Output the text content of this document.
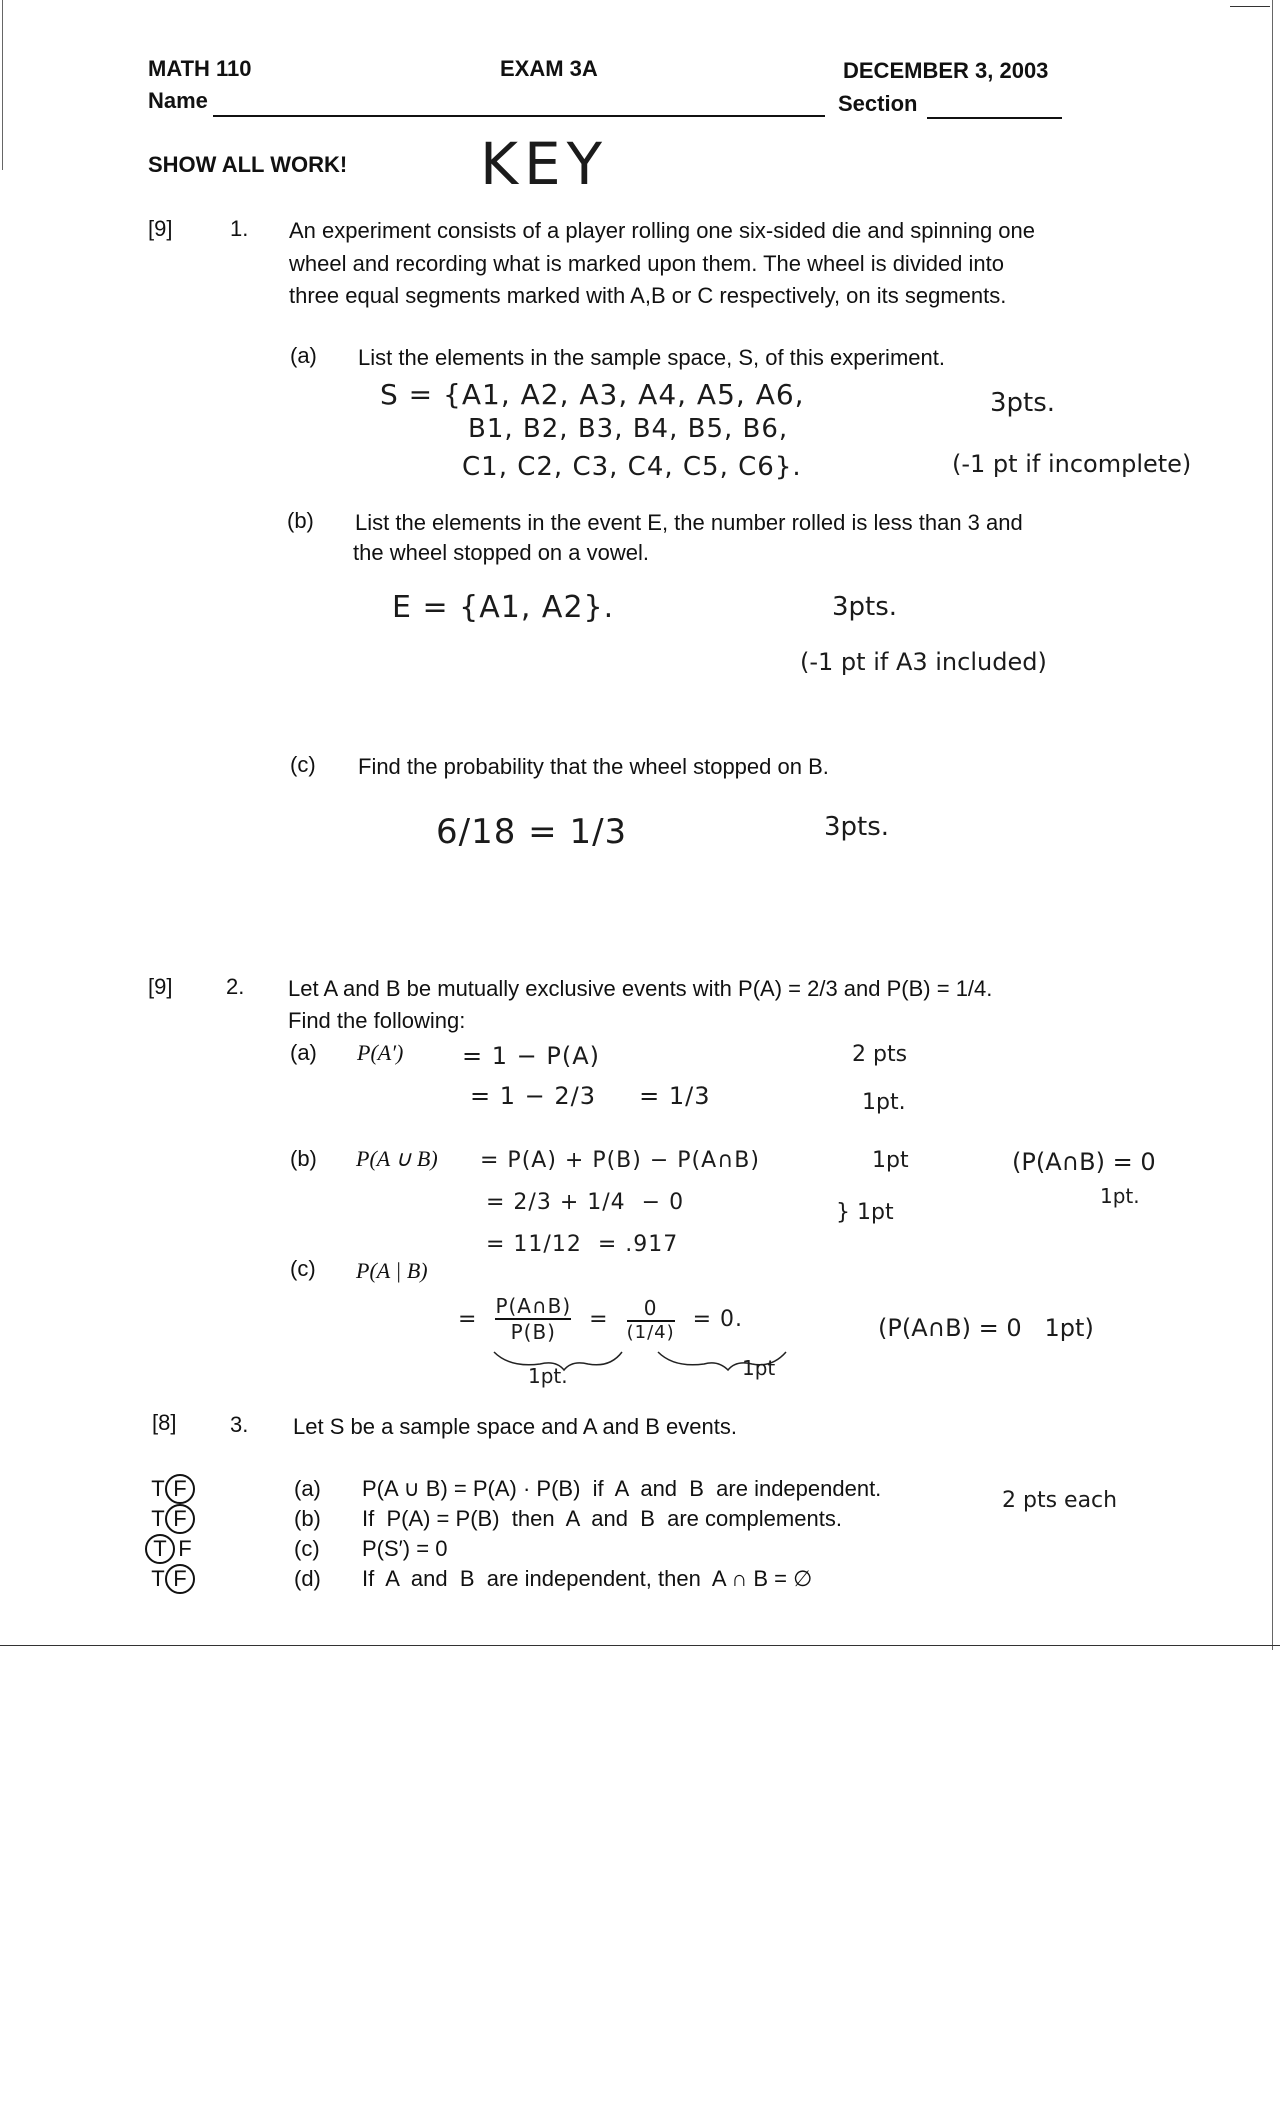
MATH 110	EXAM 3A	DECEMBER 3, 2003
Name	Section
SHOW ALL WORK! KEY
[9]	1. An experiment consists of a player rolling one six-sided die and spinning one
wheel and recording what is marked upon them. The wheel is divided into
three equal segments marked with A,B or C respectively, on its segments.
(a) List the elements in the sample space, S, of this experiment.
S = {A1, A2, A3, A4, A5, A6,
B1, B2, B3, B4, B5, B6,
C1, C2, C3, C4, C5, C6}.
3pts.
(-1 pt if incomplete)
(b) List the elements in the event E, the number rolled is less than 3 and
the wheel stopped on a vowel.
E = {A1, A2}.	3pts.
(-1 pt if A3 included)
(c) Find the probability that the wheel stopped on B.
6/18 = 1/3	3pts.
[9] 2. Let A and B be mutually exclusive events with P(A) = 2/3 and P(B) = 1/4.
Find the following:
(a) P(A′) = 1 − P(A)
= 1 − 2/3     = 1/3
2 pts
1pt.
(b) P(A ∪ B) = P(A) + P(B) − P(A∩B)
= 2/3 + 1/4  − 0
= 11/12  = .917
1pt
} 1pt
(P(A∩B) = 0
1pt.
(c) P(A | B)
=
P(A∩B)
P(B)
= 0
(1/4)
= 0.
1pt.	1pt
(P(A∩B) = 0   1pt)
[8] 3. Let S be a sample space and A and B events.
2 pts each
T F	(a) P(A ∪ B) = P(A) · P(B)  if  A  and  B  are independent.
T F	(b) If  P(A) = P(B)  then  A  and  B  are complements.
T F	(c) P(S′) = 0
T F	(d) If  A  and  B  are independent, then  A ∩ B = ∅
